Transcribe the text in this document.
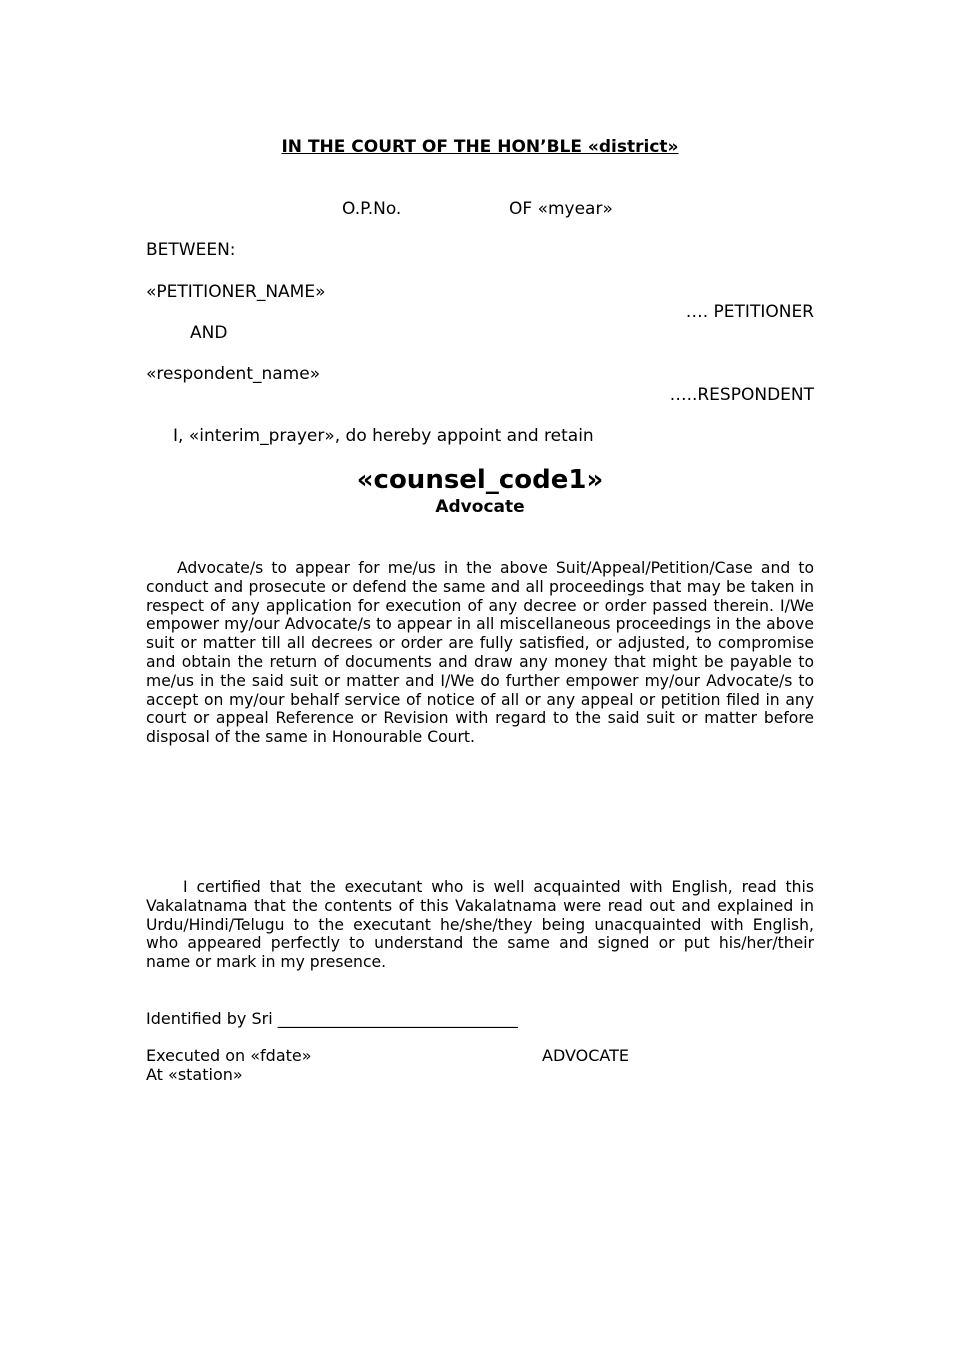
IN THE COURT OF THE HON’BLE «district»
O.P.No.	OF «myear»
BETWEEN:
«PETITIONER_NAME»
…. PETITIONER
AND
«respondent_name»
…..RESPONDENT
I, «interim_prayer», do hereby appoint and retain
«counsel_code1»
Advocate
Advocate/s to appear for me/us in the above Suit/Appeal/Petition/Case and to conduct and prosecute or defend the same and all proceedings that may be taken in respect of any application for execution of any decree or order passed therein. I/We empower my/our Advocate/s to appear in all miscellaneous proceedings in the above suit or matter till all decrees or order are fully satisfied, or adjusted, to compromise and obtain the return of documents and draw any money that might be payable to me/us in the said suit or matter and I/We do further empower my/our Advocate/s to accept on my/our behalf service of notice of all or any appeal or petition filed in any court or appeal Reference or Revision with regard to the said suit or matter before disposal of the same in Honourable Court.
I certified that the executant who is well acquainted with English, read this Vakalatnama that the contents of this Vakalatnama were read out and explained in Urdu/Hindi/Telugu to the executant he/she/they being unacquainted with English, who appeared perfectly to understand the same and signed or put his/her/their name or mark in my presence.
Identified by Sri ______________________________
Executed on «fdate»	ADVOCATE
At «station»
